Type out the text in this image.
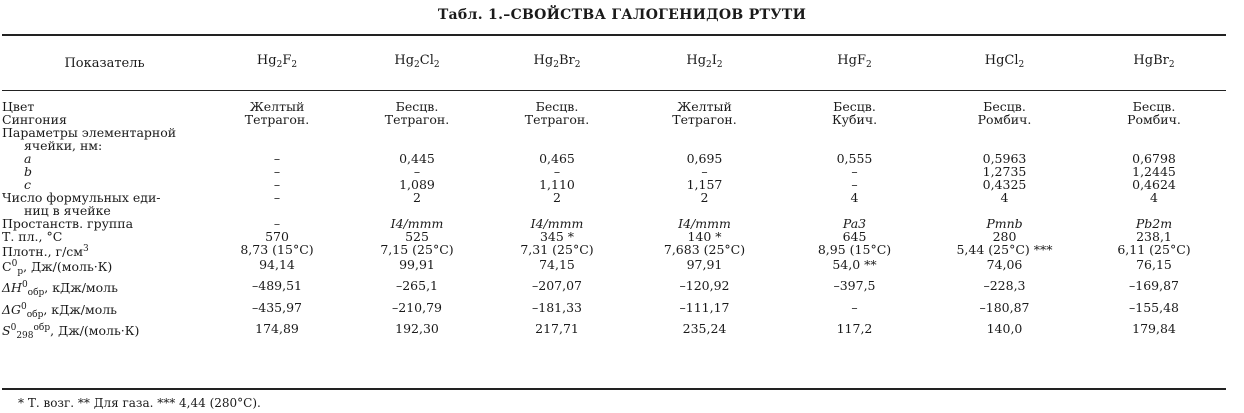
Табл. 1.–СВОЙСТВА ГАЛОГЕНИДОВ РТУТИ
Показатель	$Hg_2F_2$	$Hg_2Cl_2$	$Hg_2Br_2$	$Hg_2I_2$	HgF$_2$	HgCl$_2$	HgBr$_2$

Цвет	Желтый	Бесцв.	Бесцв.	Желтый	Бесцв.	Бесцв.	Бесцв.
Сингония	Тетрагон.	Тетрагон.	Тетрагон.	Тетрагон.	Кубич.	Ромбич.	Ромбич.
Параметры элементарной
ячейки, нм:							

a	–	0,445	0,465	0,695	0,555	0,5963	0,6798

b	–	–	–	–	–	1,2735	1,2445

c	–	1,089	1,110	1,157	–	0,4325	0,4624
Число формульных еди-
ниц в ячейке	–	2	2	2	4	4	4
Простанств. группа	–	I4/mmm	I4/mmm	I4/mmm	Pa3	Pmnb	Pb2m
Т. пл., °С	570	525	345 *	140 *	645	280	238,1
Плотн., $г/см^3$	8,73 (15°С)	7,15 (25°С)	7,31 (25°С)	7,683 (25°С)	8,95 (15°С)	5,44 (25°С) ***	6,11 (25°С)
$C^0_p$, Дж/(моль·К)	94,14	99,91	74,15	97,91	54,0 **	74,06	76,15
$\Delta H^0_{обр}$, кДж/моль	–489,51	–265,1	–207,07	–120,92	–397,5	–228,3	–169,87
$\Delta G^0_{обр}$, кДж/моль	–435,97	–210,79	–181,33	–111,17	–	–180,87	–155,48
$S^0_{298}^{обр}$, Дж/(моль·К)	174,89	192,30	217,71	235,24	117,2	140,0	179,84
* Т. возг. ** Для газа. *** 4,44 (280°С).
